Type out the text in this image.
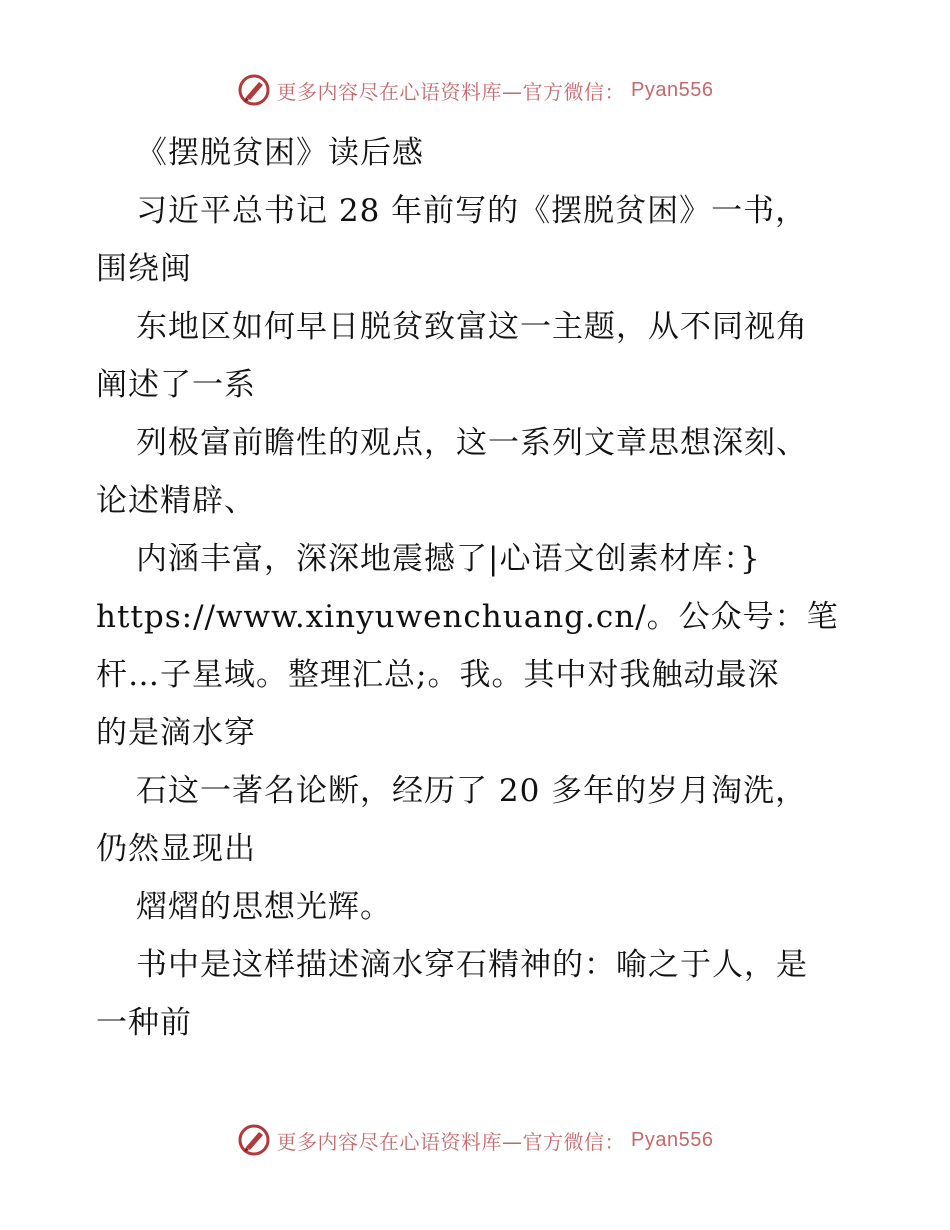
更多内容尽在心语资料库—官方微信： Pyan556
《摆脱贫困》读后感
习近平总书记 28 年前写的《摆脱贫困》一书，
围绕闽
东地区如何早日脱贫致富这一主题，从不同视角
阐述了一系
列极富前瞻性的观点，这一系列文章思想深刻、
论述精辟、
内涵丰富，深深地震撼了|心语文创素材库：}
https://www.xinyuwenchuang.cn/。公众号：笔
杆…子星域。整理汇总;。我。其中对我触动最深
的是滴水穿
石这一著名论断，经历了 20 多年的岁月淘洗，
仍然显现出
熠熠的思想光辉。
书中是这样描述滴水穿石精神的：喻之于人，是
一种前
更多内容尽在心语资料库—官方微信： Pyan556
